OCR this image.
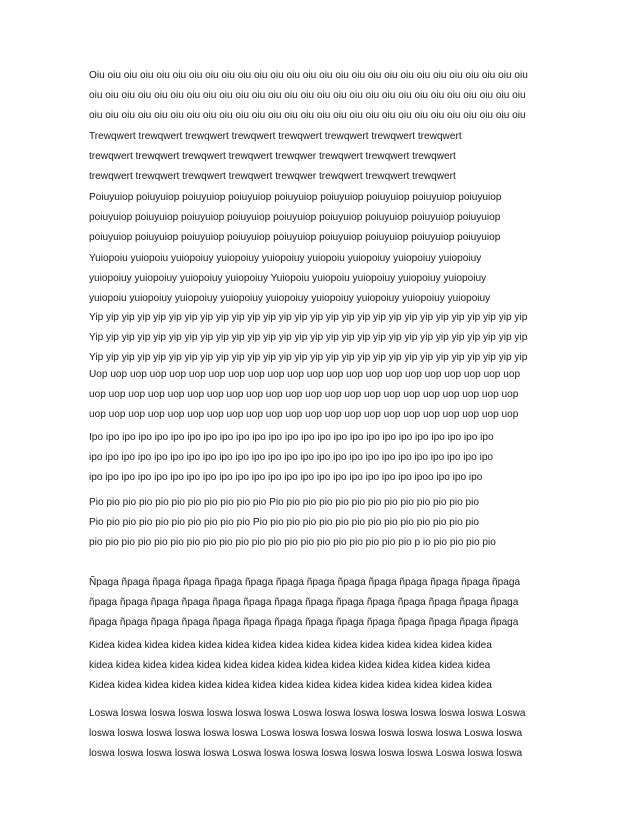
Oiu oiu oiu oiu oiu oiu oiu oiu oiu oiu oiu oiu oiu oiu oiu oiu oiu oiu oiu oiu oiu oiu oiu oiu oiu oiu oiu
oiu oiu oiu oiu oiu oiu oiu oiu oiu oiu oiu oiu oiu oiu oiu oiu oiu oiu oiu oiu oiu oiu oiu oiu oiu oiu oiu
oiu oiu oiu oiu oiu oiu oiu oiu oiu oiu oiu oiu oiu oiu oiu oiu oiu oiu oiu oiu oiu oiu oiu oiu oiu oiu oiu

Trewqwert trewqwert trewqwert trewqwert trewqwert trewqwert trewqwert trewqwert
trewqwert trewqwert trewqwert trewqwert trewqwer trewqwert trewqwert trewqwert
trewqwert trewqwert trewqwert trewqwert trewqwer trewqwert trewqwert trewqwert

Poiuyuiop poiuyuiop poiuyuiop poiuyuiop poiuyuiop poiuyuiop poiuyuiop poiuyuiop poiuyuiop
poiuyuiop poiuyuiop poiuyuiop poiuyuiop poiuyuiop poiuyuiop poiuyuiop poiuyuiop poiuyuiop
poiuyuiop poiuyuiop poiuyuiop poiuyuiop poiuyuiop poiuyuiop poiuyuiop poiuyuiop poiuyuiop

Yuiopoiu yuiopoiu yuiopoiuy yuiopoiuy yuiopoiuy yuiopoiu yuiopoiuy yuiopoiuy yuiopoiuy
yuiopoiuy yuiopoiuy yuiopoiuy yuiopoiuy Yuiopoiu yuiopoiu yuiopoiuy yuiopoiuy yuiopoiuy
yuiopoiu yuiopoiuy yuiopoiuy yuiopoiuy yuiopoiuy yuiopoiuy yuiopoiuy yuiopoiuy yuiopoiuy

Yip yip yip yip yip yip yip yip yip yip yip yip yip yip yip yip yip yip yip yip yip yip yip yip yip yip yip yip
Yip yip yip yip yip yip yip yip yip yip yip yip yip yip yip yip yip yip yip yip yip yip yip yip yip yip yip yip
Yip yip yip yip yip yip yip yip yip yip yip yip yip yip yip yip yip yip yip yip yip yip yip yip yip yip yip yip

Uop uop uop uop uop uop uop uop uop uop uop uop uop uop uop uop uop uop uop uop uop uop
uop uop uop uop uop uop uop uop uop uop uop uop uop uop uop uop uop uop uop uop uop uop
uop uop uop uop uop uop uop uop uop uop uop uop uop uop uop uop uop uop uop uop uop uop

Ipo ipo ipo ipo ipo ipo ipo ipo ipo ipo ipo ipo ipo ipo ipo ipo ipo ipo ipo ipo ipo ipo ipo ipo ipo
ipo ipo ipo ipo ipo ipo ipo ipo ipo ipo ipo ipo ipo ipo ipo ipo ipo ipo ipo ipo ipo ipo ipo ipo ipo
ipo ipo ipo ipo ipo ipo ipo ipo ipo ipo ipo ipo ipo ipo ipo ipo ipo ipo ipo ipo ipoo ipo ipo ipo

Pio pio pio pio pio pio pio pio pio pio pio Pio pio pio pio pio pio pio pio pio pio pio pio pio
Pio pio pio pio pio pio pio pio pio pio Pio pio pio pio pio pio pio pio pio pio pio pio pio pio
pio pio pio pio pio pio pio pio pio pio pio pio pio pio pio pio pio pio pio pio p io pio pio pio pio

Ñpaga ñpaga ñpaga ñpaga ñpaga ñpaga ñpaga ñpaga ñpaga ñpaga ñpaga ñpaga ñpaga ñpaga
ñpaga ñpaga ñpaga ñpaga ñpaga ñpaga ñpaga ñpaga ñpaga ñpaga ñpaga ñpaga ñpaga ñpaga
ñpaga ñpaga ñpaga ñpaga ñpaga ñpaga ñpaga ñpaga ñpaga ñpaga ñpaga ñpaga ñpaga ñpaga

Kidea kidea kidea kidea kidea kidea kidea kidea kidea kidea kidea kidea kidea kidea kidea
kidea kidea kidea kidea kidea kidea kidea kidea kidea kidea kidea kidea kidea kidea kidea
Kidea kidea kidea kidea kidea kidea kidea kidea kidea kidea kidea kidea kidea kidea kidea

Loswa loswa loswa loswa loswa loswa loswa Loswa loswa loswa loswa loswa loswa loswa Loswa
loswa loswa loswa loswa loswa loswa Loswa loswa loswa loswa loswa loswa loswa Loswa loswa
loswa loswa loswa loswa loswa Loswa loswa loswa loswa loswa loswa loswa Loswa loswa loswa
